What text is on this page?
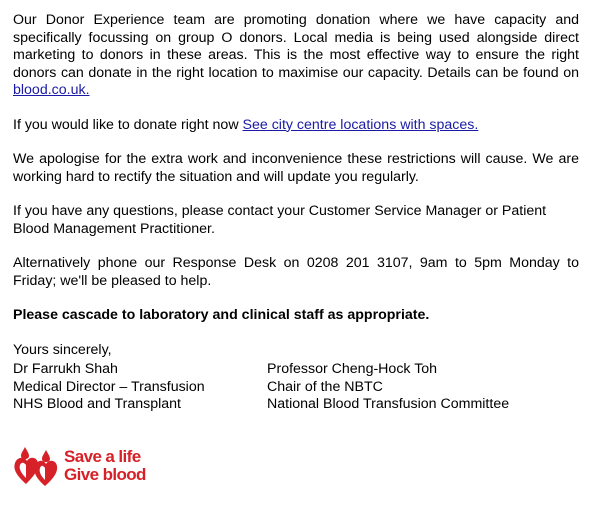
Our Donor Experience team are promoting donation where we have capacity and specifically focussing on group O donors. Local media is being used alongside direct marketing to donors in these areas. This is the most effective way to ensure the right donors can donate in the right location to maximise our capacity. Details can be found on blood.co.uk.

If you would like to donate right now See city centre locations with spaces.

We apologise for the extra work and inconvenience these restrictions will cause. We are working hard to rectify the situation and will update you regularly.

If you have any questions, please contact your Customer Service Manager or Patient Blood Management Practitioner.

Alternatively phone our Response Desk on 0208 201 3107, 9am to 5pm Monday to Friday; we'll be pleased to help.

Please cascade to laboratory and clinical staff as appropriate.

Yours sincerely,

Dr Farrukh Shah
Medical Director – Transfusion
NHS Blood and Transplant
Professor Cheng-Hock Toh
Chair of the NBTC
National Blood Transfusion Committee
Save a life
Give blood
